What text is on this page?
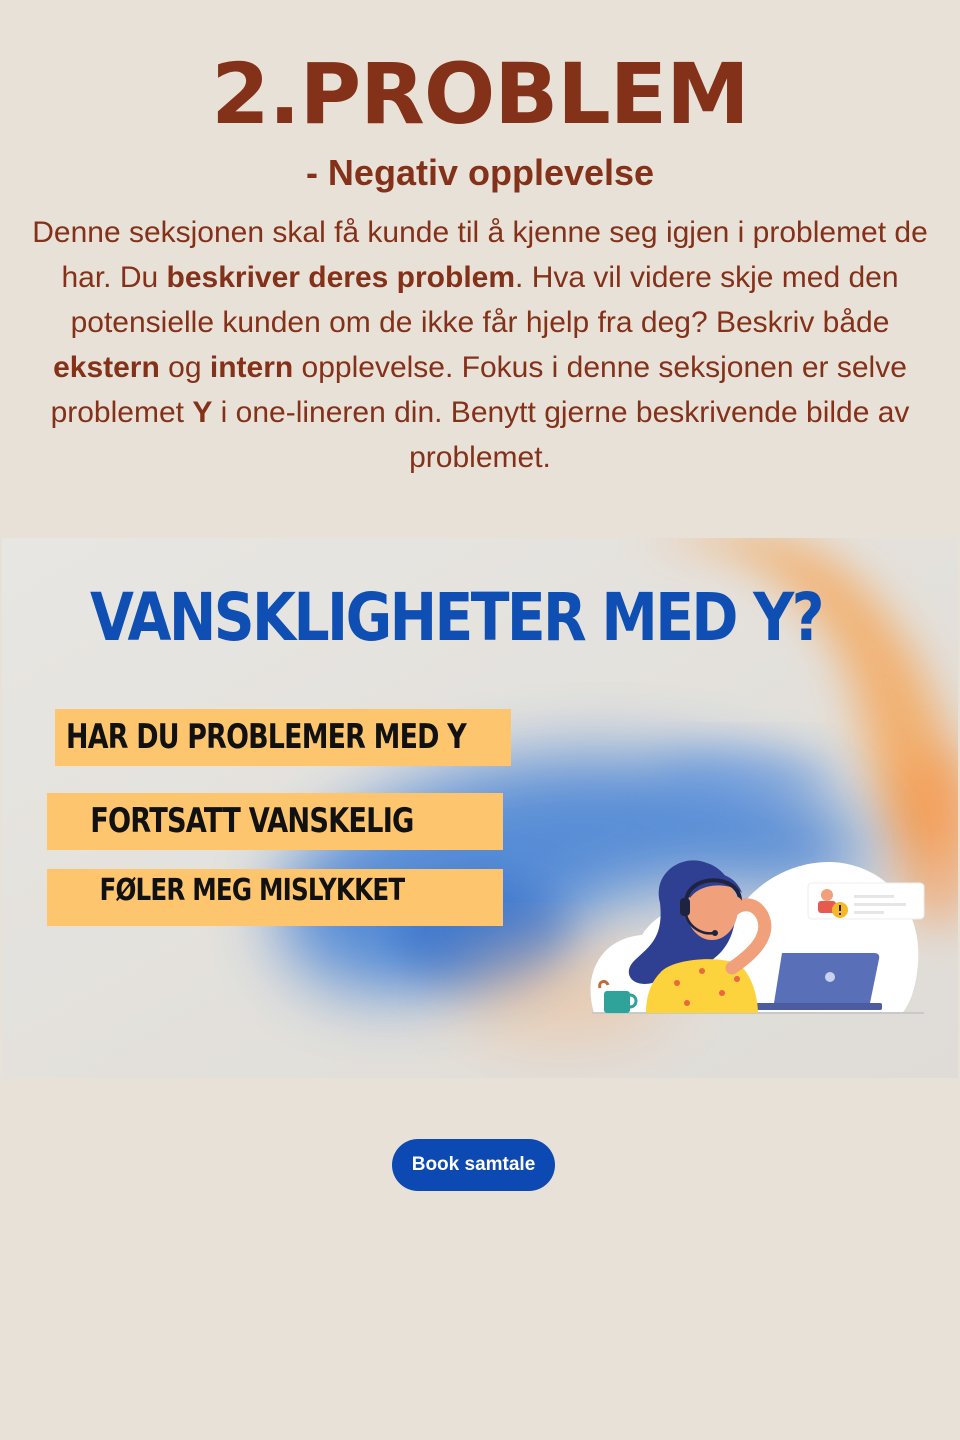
2.PROBLEM
- Negativ opplevelse
Denne seksjonen skal få kunde til å kjenne seg igjen i problemet de har. Du beskriver deres problem. Hva vil videre skje med den potensielle kunden om de ikke får hjelp fra deg? Beskriv både ekstern og intern opplevelse. Fokus i denne seksjonen er selve problemet Y i one-lineren din. Benytt gjerne beskrivende bilde av problemet.
VANSKLIGHETER MED Y?
HAR DU PROBLEMER MED Y
FORTSATT VANSKELIG
FØLER MEG MISLYKKET
Book samtale
